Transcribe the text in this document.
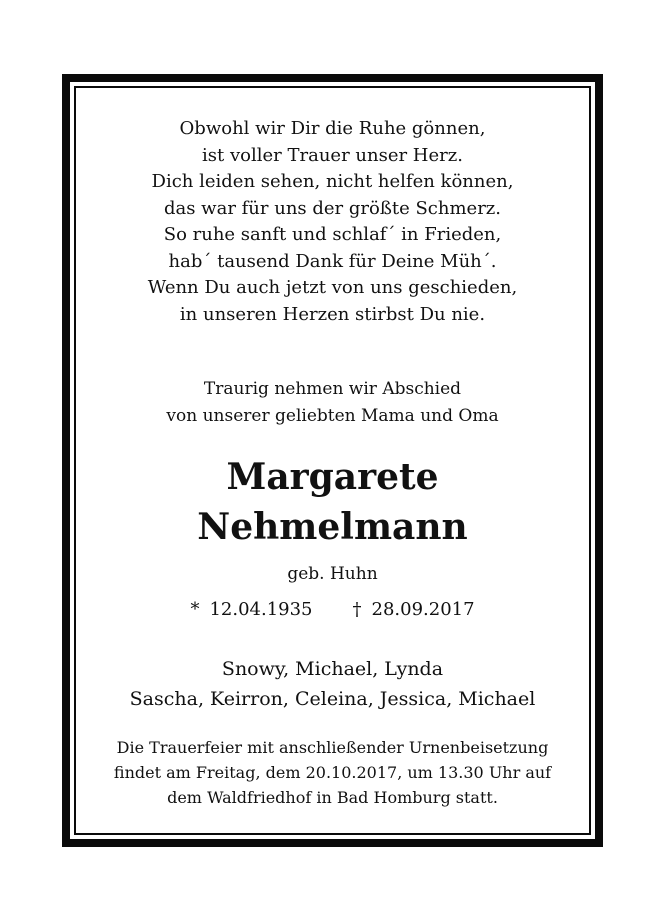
Obwohl wir Dir die Ruhe gönnen,
ist voller Trauer unser Herz.
Dich leiden sehen, nicht helfen können,
das war für uns der größte Schmerz.
So ruhe sanft und schlaf´ in Frieden,
hab´ tausend Dank für Deine Müh´.
Wenn Du auch jetzt von uns geschieden,
in unseren Herzen stirbst Du nie.
Traurig nehmen wir Abschied
von unserer geliebten Mama und Oma
Margarete
Nehmelmann
geb. Huhn
* 12.04.1935 † 28.09.2017
Snowy, Michael, Lynda
Sascha, Keirron, Celeina, Jessica, Michael
Die Trauerfeier mit anschließender Urnenbeisetzung
findet am Freitag, dem 20.10.2017, um 13.30 Uhr auf
dem Waldfriedhof in Bad Homburg statt.
